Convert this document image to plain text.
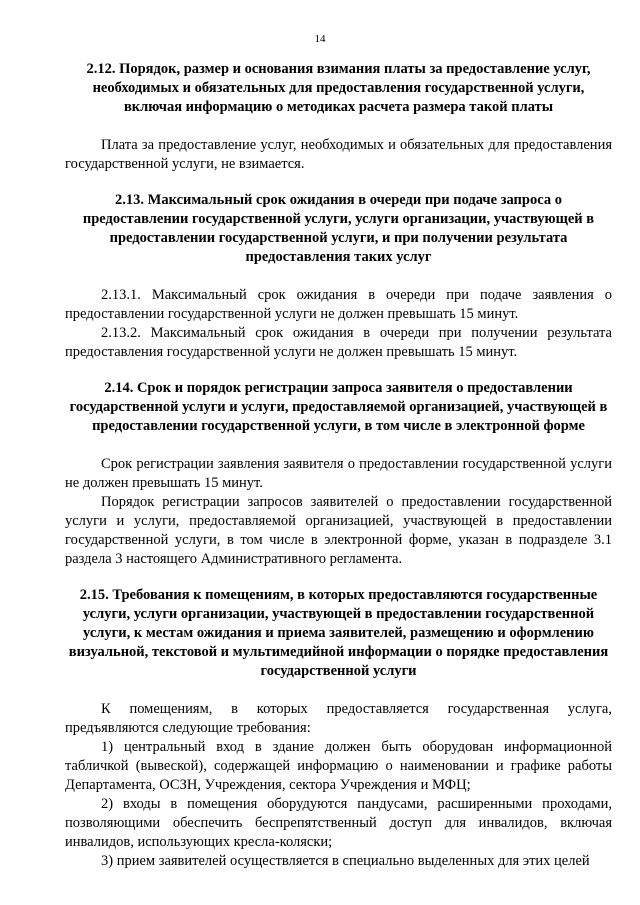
14
2.12. Порядок, размер и основания взимания платы за предоставление услуг, необходимых и обязательных для предоставления государственной услуги, включая информацию о методиках расчета размера такой платы

Плата за предоставление услуг, необходимых и обязательных для предоставления государственной услуги, не взимается.

2.13. Максимальный срок ожидания в очереди при подаче запроса о предоставлении государственной услуги, услуги организации, участвующей в предоставлении государственной услуги, и при получении результата предоставления таких услуг

2.13.1. Максимальный срок ожидания в очереди при подаче заявления о предоставлении государственной услуги не должен превышать 15 минут.

2.13.2. Максимальный срок ожидания в очереди при получении результата предоставления государственной услуги не должен превышать 15 минут.

2.14. Срок и порядок регистрации запроса заявителя о предоставлении государственной услуги и услуги, предоставляемой организацией, участвующей в предоставлении государственной услуги, в том числе в электронной форме

Срок регистрации заявления заявителя о предоставлении государственной услуги не должен превышать 15 минут.

Порядок регистрации запросов заявителей о предоставлении государственной услуги и услуги, предоставляемой организацией, участвующей в предоставлении государственной услуги, в том числе в электронной форме, указан в подразделе 3.1 раздела 3 настоящего Административного регламента.

2.15. Требования к помещениям, в которых предоставляются государственные услуги, услуги организации, участвующей в предоставлении государственной услуги, к местам ожидания и приема заявителей, размещению и оформлению визуальной, текстовой и мультимедийной информации о порядке предоставления государственной услуги

К помещениям, в которых предоставляется государственная услуга, предъявляются следующие требования:

1) центральный вход в здание должен быть оборудован информационной табличкой (вывеской), содержащей информацию о наименовании и графике работы Департамента, ОСЗН, Учреждения, сектора Учреждения и МФЦ;

2) входы в помещения оборудуются пандусами, расширенными проходами, позволяющими обеспечить беспрепятственный доступ для инвалидов, включая инвалидов, использующих кресла-коляски;

3) прием заявителей осуществляется в специально выделенных для этих целей
